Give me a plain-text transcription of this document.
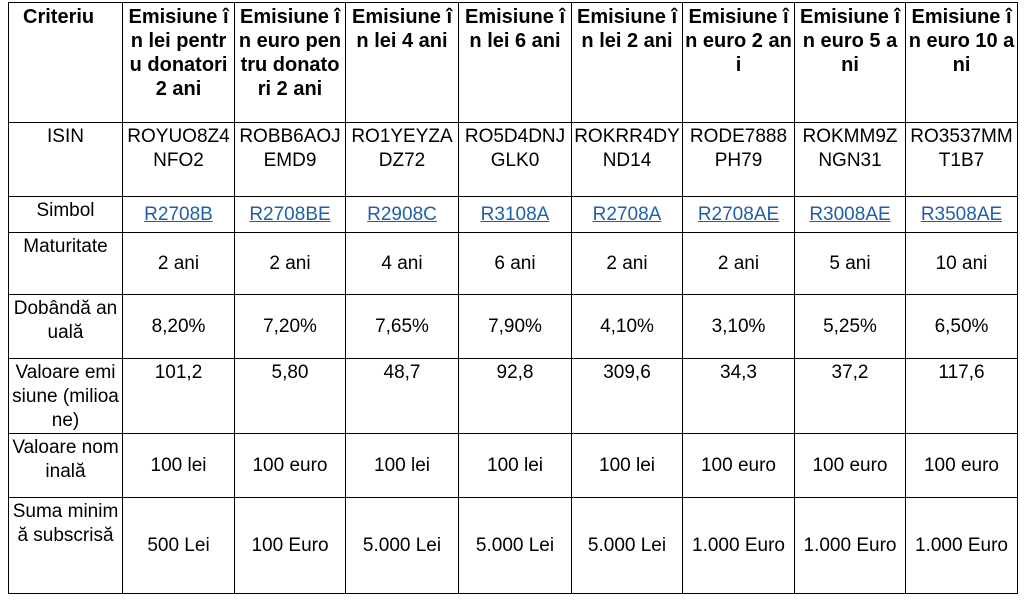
Criteriu	Emisiune în lei pentru donatori 2 ani	Emisiune în euro pentru donatori 2 ani	Emisiune în lei 4 ani	Emisiune în lei 6 ani	Emisiune în lei 2 ani	Emisiune în euro 2 ani	Emisiune în euro 5 ani	Emisiune în euro 10 ani
ISIN	ROYUO8Z4NFO2	ROBB6AOJEMD9	RO1YEYZADZ72	RO5D4DNJGLK0	ROKRR4DYND14	RODE7888PH79	ROKMM9ZNGN31	RO3537MMT1B7
Simbol	R2708B	R2708BE	R2908C	R3108A	R2708A	R2708AE	R3008AE	R3508AE
Maturitate	2 ani	2 ani	4 ani	6 ani	2 ani	2 ani	5 ani	10 ani
Dobândă anuală	8,20%	7,20%	7,65%	7,90%	4,10%	3,10%	5,25%	6,50%
Valoare emisiune (milioane)	101,2	5,80	48,7	92,8	309,6	34,3	37,2	117,6
Valoare nominală	100 lei	100 euro	100 lei	100 lei	100 lei	100 euro	100 euro	100 euro
Suma minimă subscrisă	500 Lei	100 Euro	5.000 Lei	5.000 Lei	5.000 Lei	1.000 Euro	1.000 Euro	1.000 Euro
